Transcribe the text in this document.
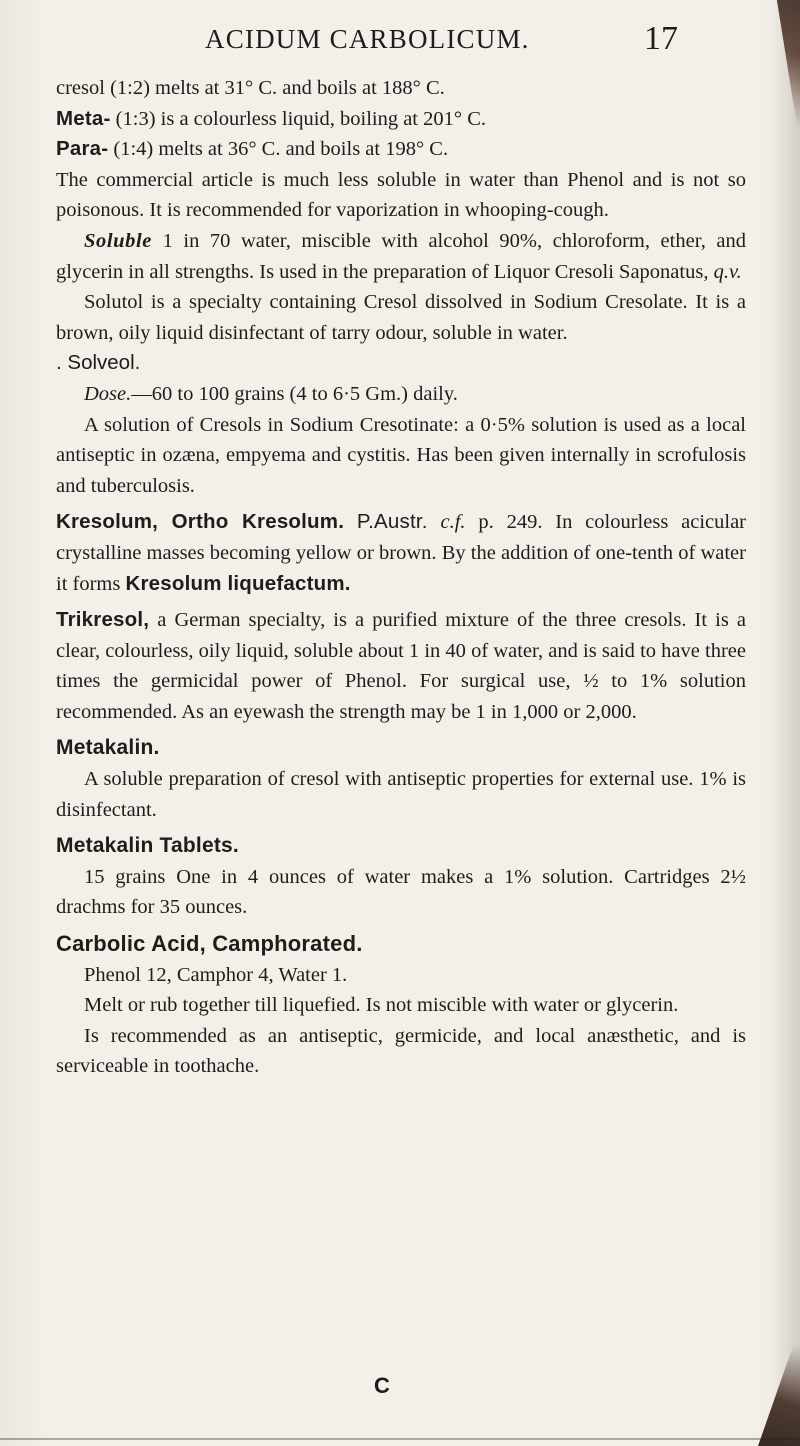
ACIDUM CARBOLICUM.	17

cresol (1:2) melts at 31° C. and boils at 188° C.

Meta- (1:3) is a colourless liquid, boiling at 201° C.

Para- (1:4) melts at 36° C. and boils at 198° C.

The commercial article is much less soluble in water than Phenol and is not so poisonous. It is recommended for vaporization in whooping-cough.

Soluble 1 in 70 water, miscible with alcohol 90%, chloroform, ether, and glycerin in all strengths. Is used in the preparation of Liquor Cresoli Saponatus, q.v.

Solutol is a specialty containing Cresol dissolved in Sodium Cresolate. It is a brown, oily liquid disinfectant of tarry odour, soluble in water.

. Solveol.

Dose.—60 to 100 grains (4 to 6·5 Gm.) daily.

A solution of Cresols in Sodium Cresotinate: a 0·5% solution is used as a local antiseptic in ozæna, empyema and cystitis. Has been given internally in scrofulosis and tuberculosis.

Kresolum, Ortho Kresolum. P.Austr. c.f. p. 249. In colourless acicular crystalline masses becoming yellow or brown. By the addition of one-tenth of water it forms Kresolum liquefactum.

Trikresol, a German specialty, is a purified mixture of the three cresols. It is a clear, colourless, oily liquid, soluble about 1 in 40 of water, and is said to have three times the germicidal power of Phenol. For surgical use, ½ to 1% solution recommended. As an eyewash the strength may be 1 in 1,000 or 2,000.

Metakalin.

A soluble preparation of cresol with antiseptic properties for external use. 1% is disinfectant.

Metakalin Tablets.

15 grains One in 4 ounces of water makes a 1% solution. Cartridges 2½ drachms for 35 ounces.

Carbolic Acid, Camphorated.

Phenol 12, Camphor 4, Water 1.

Melt or rub together till liquefied. Is not miscible with water or glycerin.

Is recommended as an antiseptic, germicide, and local anæsthetic, and is serviceable in toothache.

C
